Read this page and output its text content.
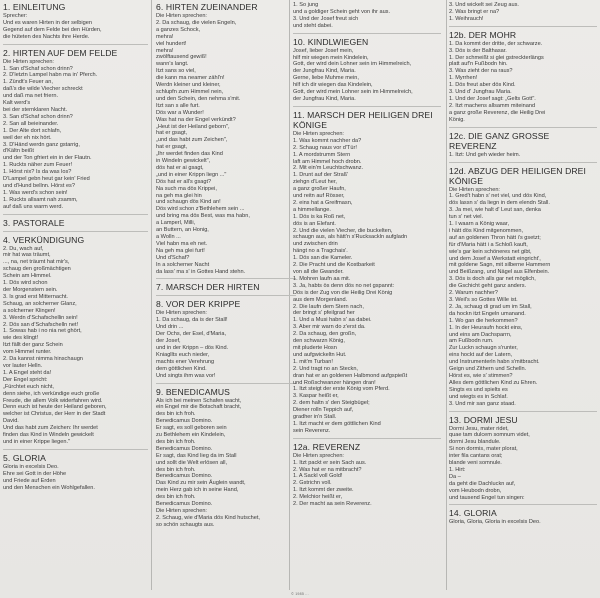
1. EINLEITUNG
Sprecher:
Und es waren Hirten in der selbigen
Gegend auf dem Felde bei den Hürden,
die hüteten des Nachts ihre Herde.
2. HIRTEN AUF DEM FELDE
Die Hirten sprechen:
1. San d'Schaf schon drinn?
2. D'letztn Lampel habn ma in' Pferch.
1. Zündt's Feuer an,
daß's die wilde Viecher schreckt
und daß ma net friern.
Kalt werd's
bei der sternklaren Nacht.
3. San d'Schaf schon drinn?
2. San all beieinander.
1. Der Alte dort schlafn,
weil der eh nix hört.
3. D'Händ werdn ganz gstarrig,
d'Kältn beißt
und der Ton gfriert ein in der Flautn.
1. Ruckts näher zum Feuer!
1. Hörst nix? Is da was los?
D'Lampel gebn heut gar kein' Fried
und d'Hund bellnn. Hörst es?
1. Was werd's schon sein!
1. Ruckts allsamt nah zsamm,
auf daß uns warm werd.
3. PASTORALE
4. VERKÜNDIGUNG
2. Du, wach auf,
mir hat was träumt,
..., na, net träumt hat mir's,
schaug den großmächtigen
Schein am Himmel.
1. Dös wird schon
der Morgenstern sein.
3. Is grad erst Mitternacht.
Schaug, an solcherner Glanz,
a solcherner Klingen!
3. Werdn d'Schafschellin sein!
2. Dös san d'Schafschelln net!
1. Sowas hab i no nia net ghört,
wie des klingt!
Itzt fällt der ganz Schein
vom Himmel runter.
2. Da kannst nimma hinschaugn
vor lauter Helln.
1. A Engel steht da!
Der Engel spricht:
„Fürchtet euch nicht,
denn siehe, ich verkündige euch große
Freude, die allem Volk widerfahren wird.
Denn euch ist heute der Heiland geboren,
welcher ist Christus, der Herr in der Stadt
David.
Und das habt zum Zeichen: Ihr werdet
finden das Kind in Windeln gewickelt
und in einer Krippe liegen."
5. GLORIA
Gloria in excelsis Deo.
Ehre sei Gott in der Höhe
und Friede auf Erden
und den Menschen ein Wohlgefallen.
6. HIRTEN ZUEINANDER
Die Hirten sprechen:
2. Da schaug, die vielen Engeln,
a ganzes Schock,
mehra!
viel hundert!
mehra!
zwölftausend gewiß!
wann's langt.
Itzt sans so viel,
die kann ma neamer zähl'n!
Werdn kleiner und kleiner,
schlupfn zum Himmel nein,
und den Schein, den nehma s'mit.
Itzt san s alle furt.
Dös war a Wunder!
Was hat na der Engel verkündt?
„Heut ist der Heiland geborn",
hat er gsagt,
„und das habt zum Zeichen",
hat er gsagt,
„Ihr werdet finden das Kind
in Windeln gewickelt",
dös hat er ai gsagt,
„und in einer Krippn liegn ..."
Dös hat er all's gsagt?
Na such ma dös Krippei,
na geh ma glei hin
und schaugn dös Kind an!
Dös wird schon z'Bethlehem sein ...
und bring ma dös Best, was ma habn,
a Lamperl, Milli,
an Buttern, an Honig,
a Wolln ...
Viel habn ma eh net.
Na geh ma glei furt!
Und d'Schaf?
In a solcherner Nacht
da lass' ma s' in Gottes Hand stehn.
7. MARSCH DER HIRTEN
8. VOR DER KRIPPE
Die Hirten sprechen:
1. Da schaug, da is der Stall!
Und drin ...
Der Ochs, der Esel, d'Maria,
der Josef,
und in der Krippn – dös Kind.
Kniagllts euch nieder,
machts ener Verehrung
dem göttlichen Kind.
Und singts ihm was vor!
9. BENEDICAMUS
Als ich bei meinen Schafen wacht,
ein Engel mir die Botschaft bracht,
des bin ich froh.
Benedicamus Domino.
Er sagt, es soll geboren sein
zu Bethlehem ein Kindelein,
des bin ich froh.
Benedicamus Domino.
Er sagt, das Kind lieg da im Stall
und sollt die Welt erlösen all,
des bin ich froh.
Benedicamus Domino.
Das Kind zu mir sein Äuglein wandt,
mein Herz gab ich in seine Hand,
des bin ich froh.
Benedicamus Domino.
Die Hirten sprechen:
2. Schaug, wie d'Maria dös Kind hutschet,
so schön schaugts aus.
1. So jung
und a goldiger Schein geht von ihr aus.
3. Und der Josef freut sich
und steht dabei.
10. KINDLWIEGEN
Josef, lieber Josef mein,
hilf mir wiegen mein Kindelein,
Gott, der wird dein Lohner sein im Himmelreich,
der Jungfrau Kind, Maria.
Gerne, liebe Muhme mein,
hilf ich dir wiegen das Kindelein,
Gott, der wird mein Lohner sein im Himmelreich,
der Jungfrau Kind, Maria.
11. MARSCH DER HEILIGEN DREI KÖNIGE
Die Hirten sprechen:
1. Was kommt nachher da?
2. Schaug naus vor d'Tür!
1. A mordstrumm Stern
laft am Himmel hoch drobn.
2. Mit ein'm Leuchtschwanz.
1. Drunt auf der Straß'
ziehgn d'Leut her,
a ganz großer Haufn,
und reitn auf Rösser,
2. eins hat a Greifmasn,
a himmellange.
1. Dös is ka Roß net,
dös is an Elefant.
2. Und die vielen Viecher, die buckelten,
schaugn aus, als hätt'n s'Rucksackln aufgladn
und zwischen drin
hängt no a Tragchais'.
1. Dös san die Kameler.
2. Die Pracht und die Kostbarkeit
von all die Gwander.
1. Mohren laufn aa mit.
3. Ja, habts ös denn dös no net gspannt:
Dös is der Zug von die Heilig Drei König
aus dem Morgenland.
2. Die laufn dem Stern nach,
der bringt s' pfeilgrad her
1. Und a Musi habn s' aa dabei.
3. Aber mir warn do z'erst da.
2. Da schaug, den großn,
den schwarzn König,
mit pluderte Hosn
und aufgwickeltn Hut.
1. mit'm Turban!
2. Und tragt no an Steckn,
dran hat er an goldenen Halbmond aufgspießt
und Roßschwanzer hängen dran!
1. Itzt steigt der erste König vom Pferd.
3. Kaspar heißt er,
2. dem haltn s' den Steigbügel;
Diener rolln Teppich auf,
gradher in'n Stall.
1. Itzt macht er dem göttlichen Kind
sein Reverenz.
12a. REVERENZ
Die Hirten sprechen:
1. Itzt packt er sein Sach aus.
2. Was hat er na mitbracht?
1. A Sackl voll Gold!
2. Gstrichn voll.
1. Itzt kommt der zweite.
2. Melchior heißt er,
2. Der macht aa sein Reverenz.
3. Und wickelt sei Zeug aus.
2. Was bringt er na?
1. Weihrauch!
12b. DER MOHR
1. Da kommt der dritte, der schwarze.
3. Dös is der Balthasar.
1. Der schmeißt si glei gstreckterlängs
platt auf'n Fußbodn hin.
3. Was zieht der na raus?
1. Myrrhen!
1. Dös freut aber dös Kind.
3. Und d' Jungfrau Maria.
1. Und der Josef sagt: „Gelts Gott".
2. Itzt machens allsamm miteinand
a ganz große Reverenz, die Heilig Drei
König.
12c. DIE GANZ GROSSE REVERENZ
1. Itzt: Und geh wieder heim.
12d. ABZUG DER HEILIGEN DREI KÖNIGE
Die Hirten sprechen:
1. Gred't habn s' net viel, und dös Kind,
dös lassn s' da liegn in dem elendn Stall.
3. Ja mei, wie halt d' Leut san, denka
tun s' net viel.
1. I waarn a König waar,
i hätt dös Kind mitgenommen,
auf an goldenen Thron hätt i's gsetzt;
für d'Maria hätt i a Schloß kauft,
wie's gar kein schöneres net gibt,
und dem Josef a Werkstatt eingricht',
mit goldene Sagn, mit silberne Hammern
und Beißzang, und Nägel aus Elfenbein.
3. Dös is doch alls gar net möglich,
die Gschicht geht ganz anders.
2. Warum nachher?
3. Weil's so Gottes Wille ist.
2. Ja, schaug di grad um im Stall,
da hockn itzt Engeln umanand.
1. Wo gan die herkommen?
1. In der Heuraufn hockt eins,
und eins am Dachsparrn,
am Fußbodn rum.
Zur Luckn schaugn s'runter,
eins hockt auf der Latern,
und Instrumenterln habn s'mitbracht.
Geign und Zithern und Schelln.
Hörst es, wie s' stimmen?
Alles dem göttlichen Kind zu Ehren.
Singts es und spielts es
und wiegts es in Schlaf.
3. Und mir san ganz staad.
13. DORMI JESU
Dormi Jesu, mater ridet,
quae tam dulcem somnum videt,
dormi Jesu blandule.
Si non dormis, mater plorat,
inter fila cantans orat;
blande veni somnule.
1. Hirt:
Da –
da geht die Dachluckn auf,
vom Heubodn drobn,
und tausend Engel tun singen:
14. GLORIA
Gloria, Gloria, Gloria in excelsis Deo.
© 1985 ...
